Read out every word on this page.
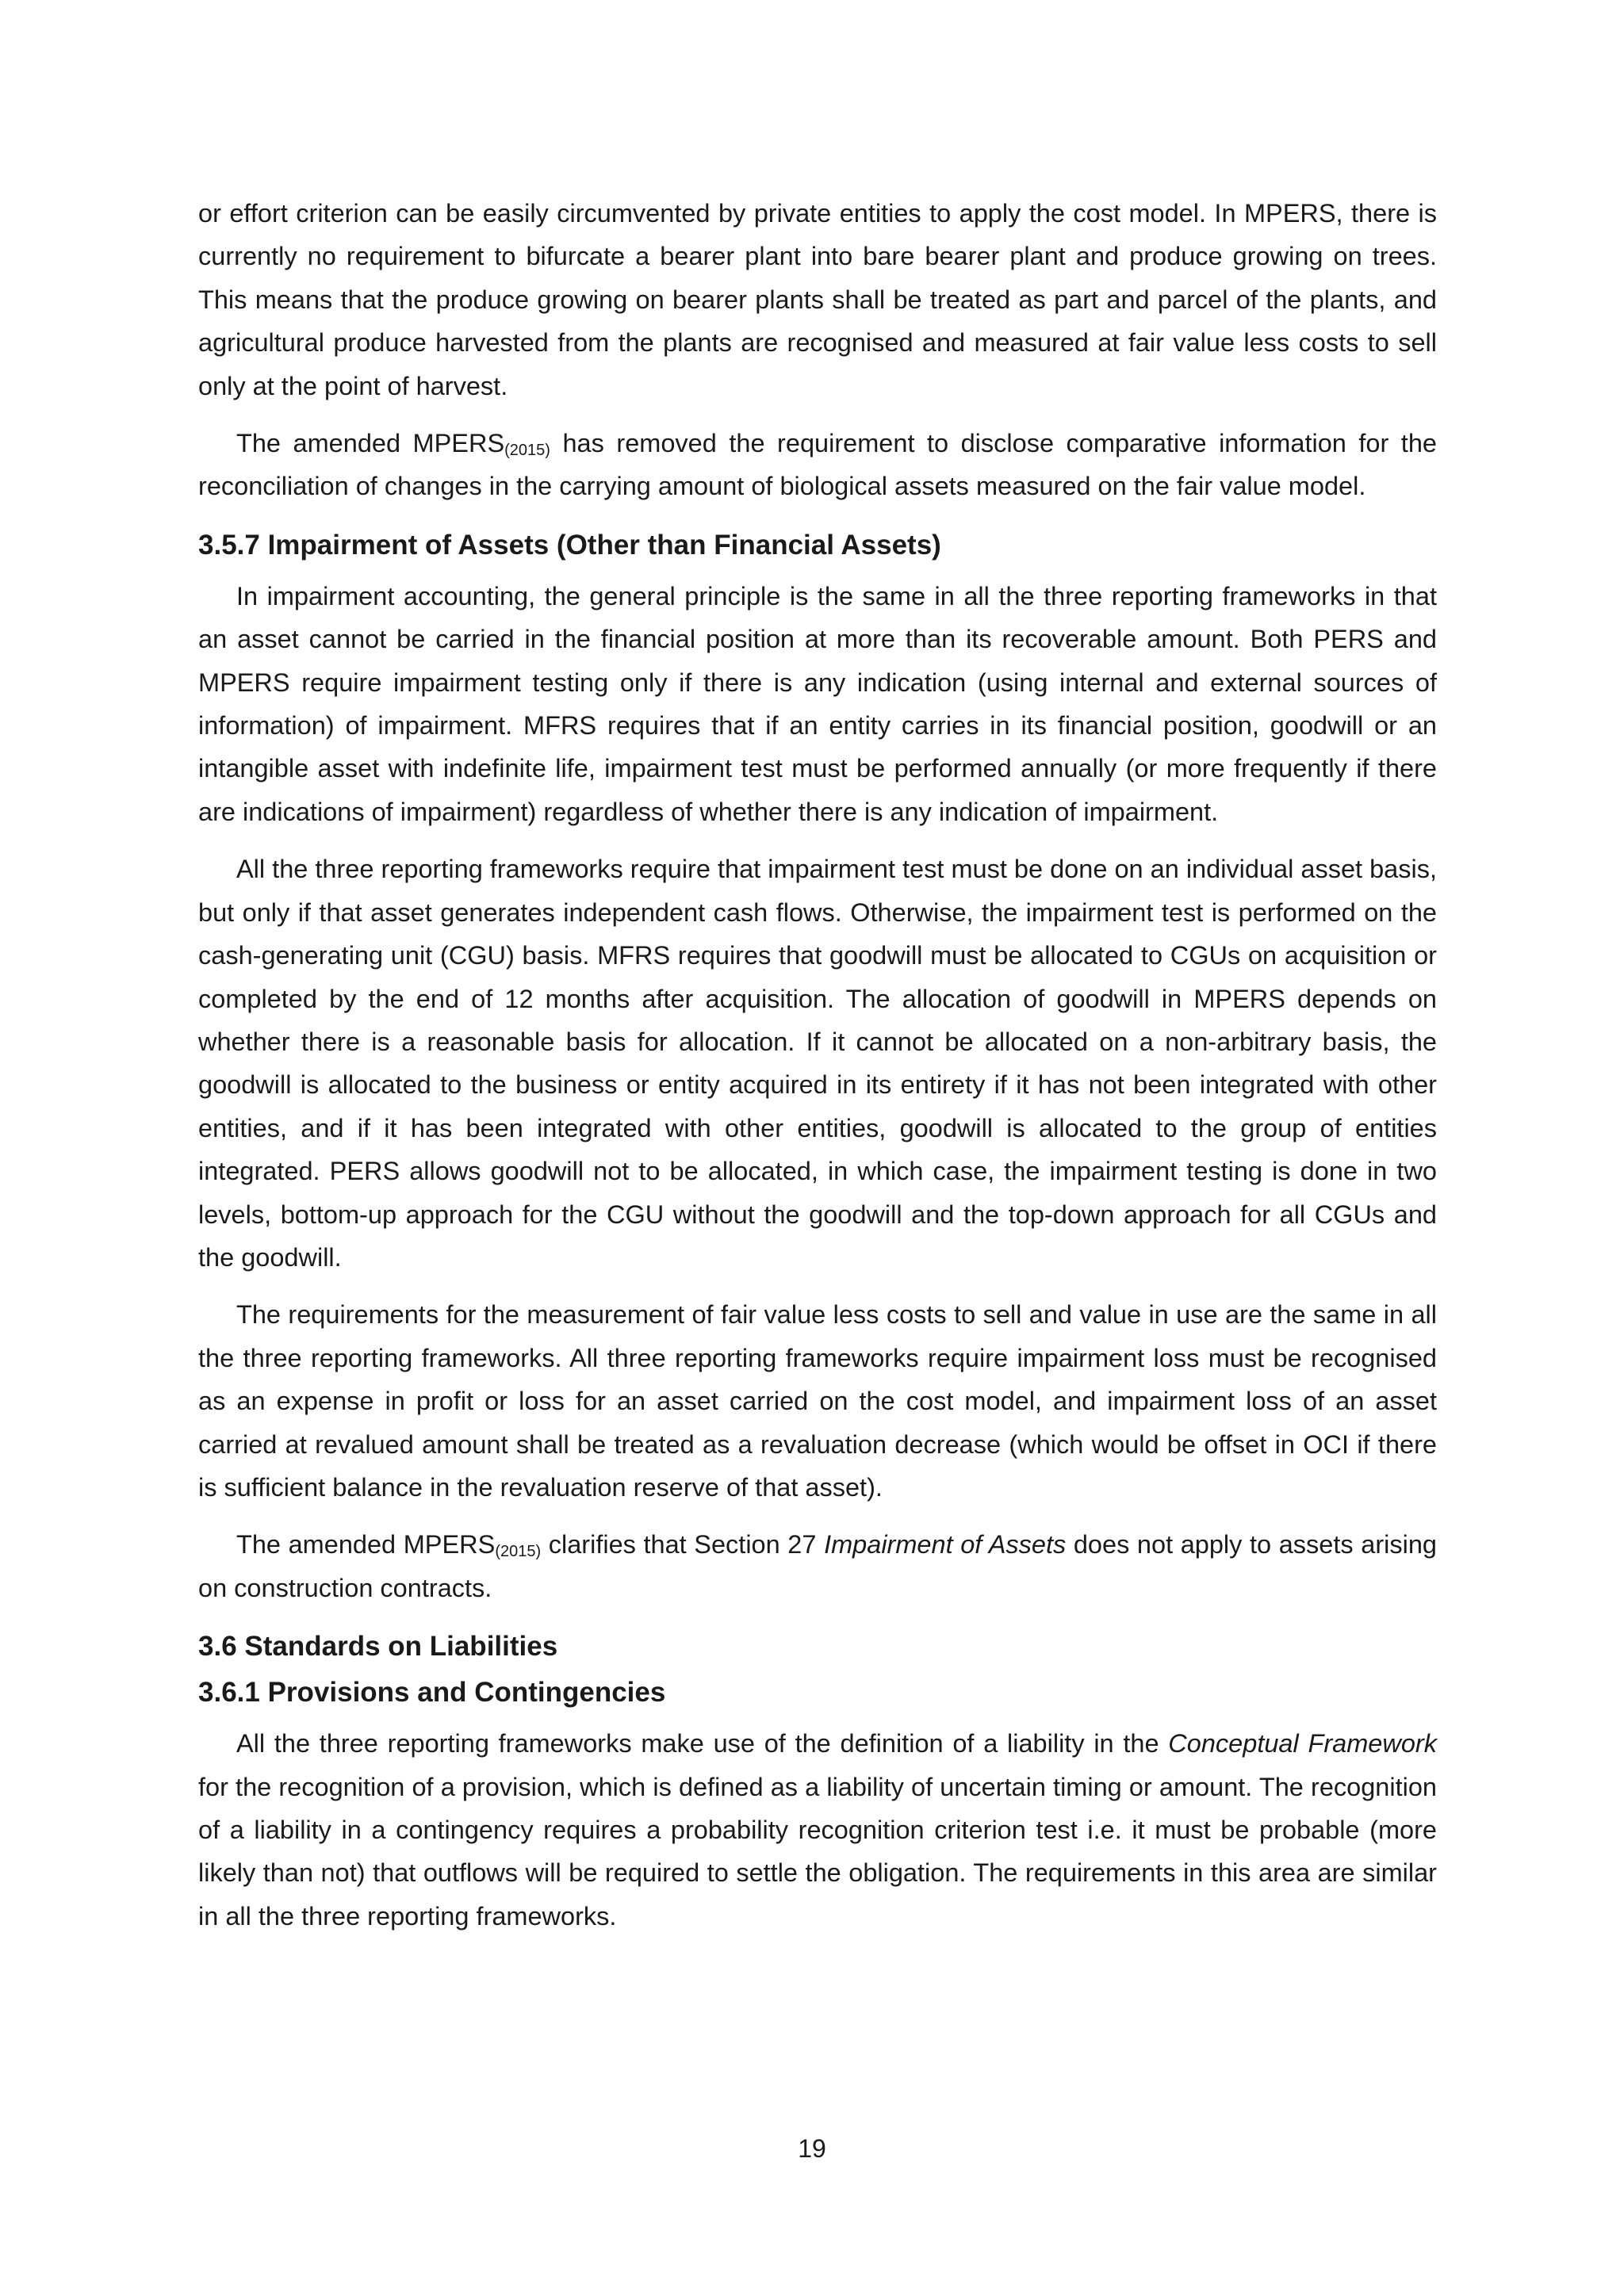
or effort criterion can be easily circumvented by private entities to apply the cost model. In MPERS, there is currently no requirement to bifurcate a bearer plant into bare bearer plant and produce growing on trees. This means that the produce growing on bearer plants shall be treated as part and parcel of the plants, and agricultural produce harvested from the plants are recognised and measured at fair value less costs to sell only at the point of harvest.

The amended $MPERS_{(2015)}$ has removed the requirement to disclose comparative information for the reconciliation of changes in the carrying amount of biological assets measured on the fair value model.

3.5.7 Impairment of Assets (Other than Financial Assets)

In impairment accounting, the general principle is the same in all the three reporting frameworks in that an asset cannot be carried in the financial position at more than its recoverable amount. Both PERS and MPERS require impairment testing only if there is any indication (using internal and external sources of information) of impairment. MFRS requires that if an entity carries in its financial position, goodwill or an intangible asset with indefinite life, impairment test must be performed annually (or more frequently if there are indications of impairment) regardless of whether there is any indication of impairment.

All the three reporting frameworks require that impairment test must be done on an individual asset basis, but only if that asset generates independent cash flows. Otherwise, the impairment test is performed on the cash-generating unit (CGU) basis. MFRS requires that goodwill must be allocated to CGUs on acquisition or completed by the end of 12 months after acquisition. The allocation of goodwill in MPERS depends on whether there is a reasonable basis for allocation. If it cannot be allocated on a non-arbitrary basis, the goodwill is allocated to the business or entity acquired in its entirety if it has not been integrated with other entities, and if it has been integrated with other entities, goodwill is allocated to the group of entities integrated. PERS allows goodwill not to be allocated, in which case, the impairment testing is done in two levels, bottom-up approach for the CGU without the goodwill and the top-down approach for all CGUs and the goodwill.

The requirements for the measurement of fair value less costs to sell and value in use are the same in all the three reporting frameworks. All three reporting frameworks require impairment loss must be recognised as an expense in profit or loss for an asset carried on the cost model, and impairment loss of an asset carried at revalued amount shall be treated as a revaluation decrease (which would be offset in OCI if there is sufficient balance in the revaluation reserve of that asset).

The amended $MPERS_{(2015)}$ clarifies that Section 27 Impairment of Assets does not apply to assets arising on construction contracts.

3.6 Standards on Liabilities
3.6.1 Provisions and Contingencies

All the three reporting frameworks make use of the definition of a liability in the Conceptual Framework for the recognition of a provision, which is defined as a liability of uncertain timing or amount. The recognition of a liability in a contingency requires a probability recognition criterion test i.e. it must be probable (more likely than not) that outflows will be required to settle the obligation. The requirements in this area are similar in all the three reporting frameworks.

19
